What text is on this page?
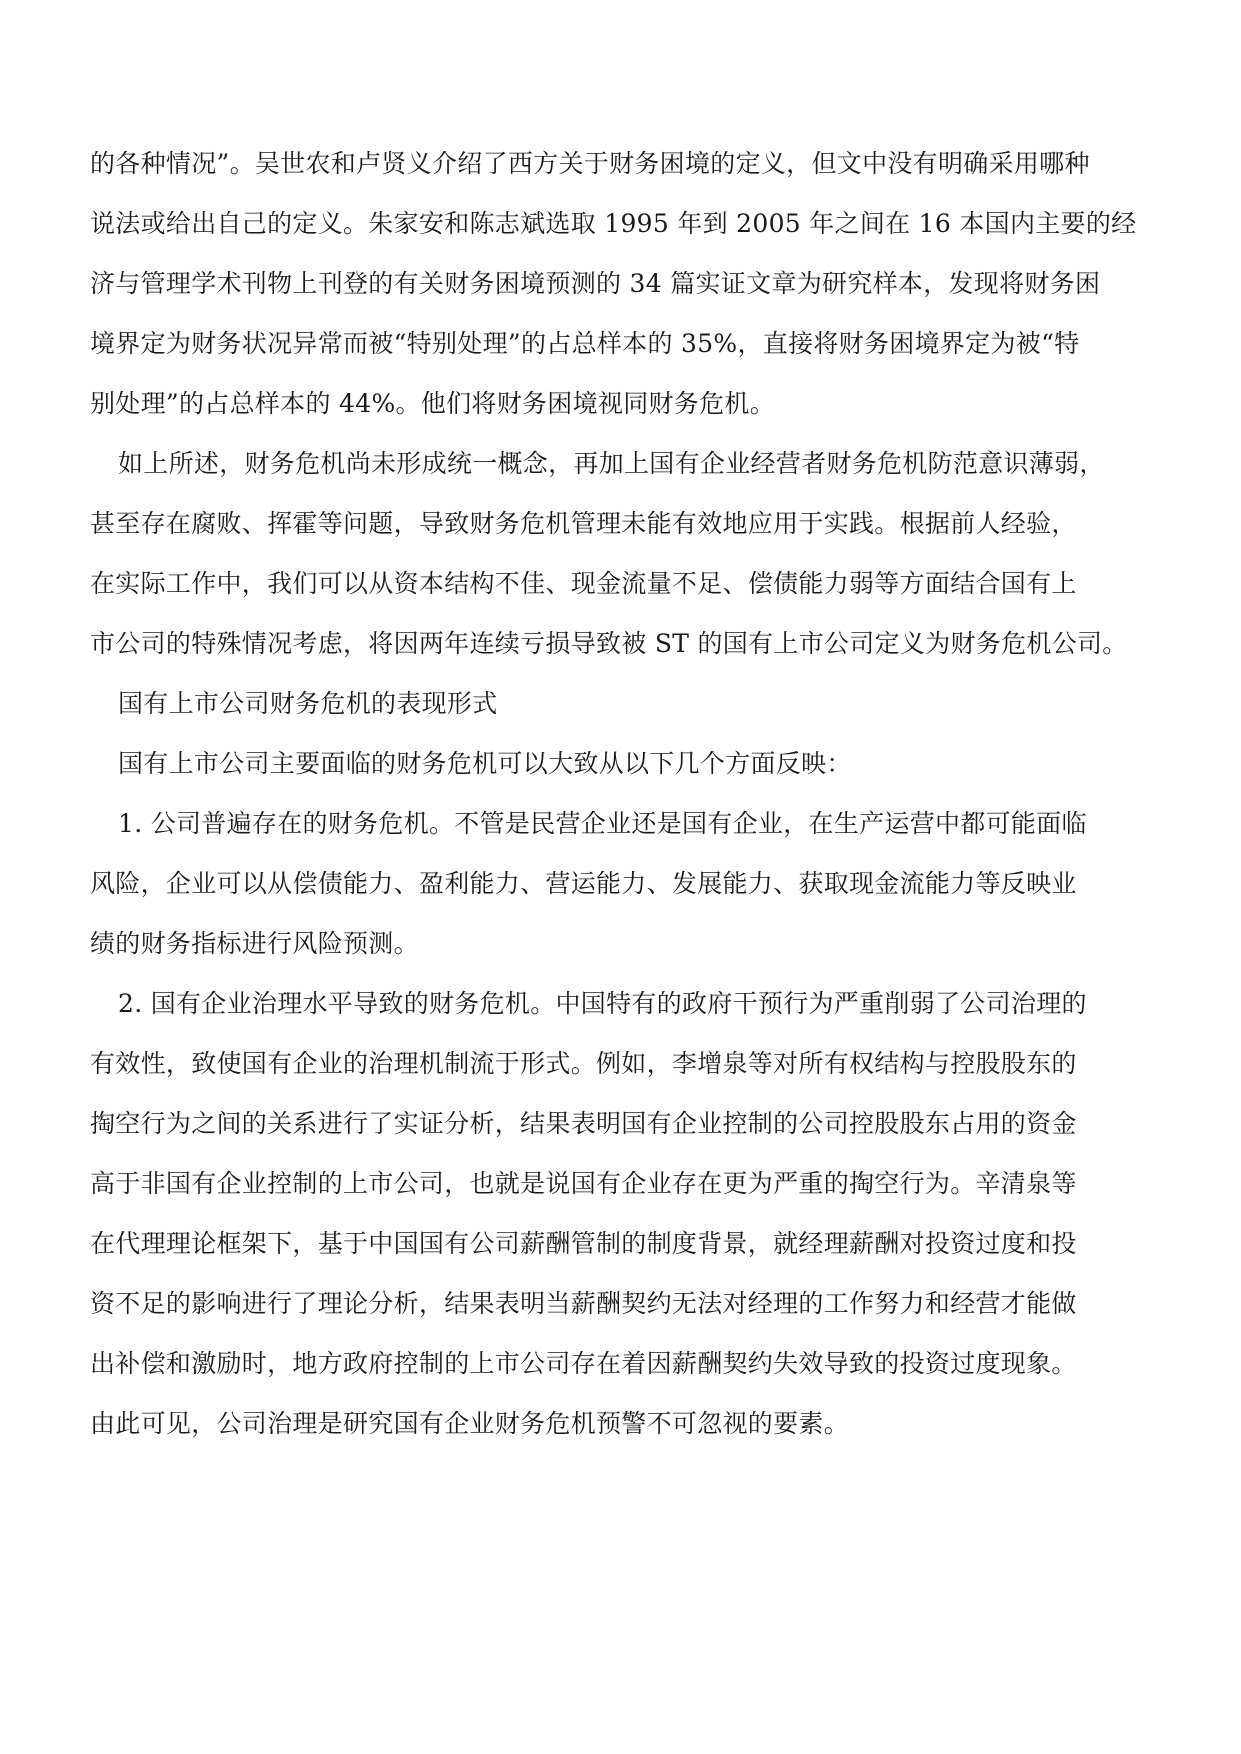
的各种情况”。吴世农和卢贤义介绍了西方关于财务困境的定义，但文中没有明确采用哪种
说法或给出自己的定义。朱家安和陈志斌选取 1995 年到 2005 年之间在 16 本国内主要的经
济与管理学术刊物上刊登的有关财务困境预测的 34 篇实证文章为研究样本，发现将财务困
境界定为财务状况异常而被“特别处理”的占总样本的 35%，直接将财务困境界定为被“特
别处理”的占总样本的 44%。他们将财务困境视同财务危机。
如上所述，财务危机尚未形成统一概念，再加上国有企业经营者财务危机防范意识薄弱，
甚至存在腐败、挥霍等问题，导致财务危机管理未能有效地应用于实践。根据前人经验，
在实际工作中，我们可以从资本结构不佳、现金流量不足、偿债能力弱等方面结合国有上
市公司的特殊情况考虑，将因两年连续亏损导致被 ST 的国有上市公司定义为财务危机公司。
国有上市公司财务危机的表现形式
国有上市公司主要面临的财务危机可以大致从以下几个方面反映：
1. 公司普遍存在的财务危机。不管是民营企业还是国有企业，在生产运营中都可能面临
风险，企业可以从偿债能力、盈利能力、营运能力、发展能力、获取现金流能力等反映业
绩的财务指标进行风险预测。
2. 国有企业治理水平导致的财务危机。中国特有的政府干预行为严重削弱了公司治理的
有效性，致使国有企业的治理机制流于形式。例如，李增泉等对所有权结构与控股股东的
掏空行为之间的关系进行了实证分析，结果表明国有企业控制的公司控股股东占用的资金
高于非国有企业控制的上市公司，也就是说国有企业存在更为严重的掏空行为。辛清泉等
在代理理论框架下，基于中国国有公司薪酬管制的制度背景，就经理薪酬对投资过度和投
资不足的影响进行了理论分析，结果表明当薪酬契约无法对经理的工作努力和经营才能做
出补偿和激励时，地方政府控制的上市公司存在着因薪酬契约失效导致的投资过度现象。
由此可见，公司治理是研究国有企业财务危机预警不可忽视的要素。
